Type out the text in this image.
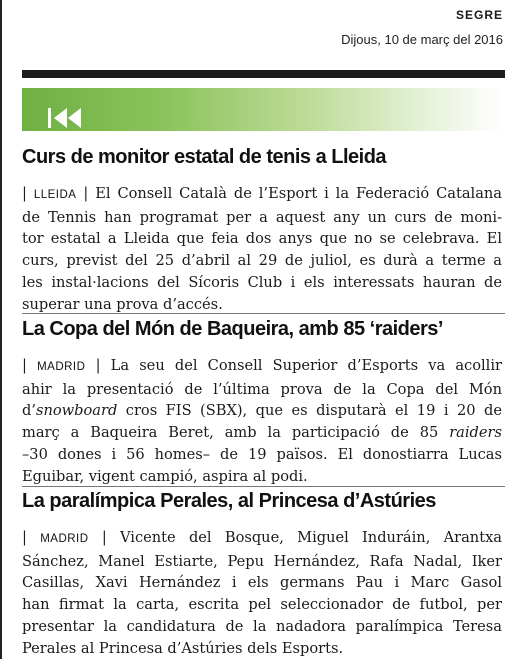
SEGRE
Dijous, 10 de març del 2016
Curs de monitor estatal de tenis a Lleida
| LLEIDA | El Consell Català de l’Esport i la Federació Catalana
de Tennis han programat per a aquest any un curs de moni-
tor estatal a Lleida que feia dos anys que no se celebrava. El
curs, previst del 25 d’abril al 29 de juliol, es durà a terme a
les instal·lacions del Sícoris Club i els interessats hauran de
superar una prova d’accés.
La Copa del Món de Baqueira, amb 85 ‘raiders’
| MADRID | La seu del Consell Superior d’Esports va acollir
ahir la presentació de l’última prova de la Copa del Món
d’snowboard cros FIS (SBX), que es disputarà el 19 i 20 de
març a Baqueira Beret, amb la participació de 85 raiders
–30 dones i 56 homes– de 19 països. El donostiarra Lucas
Eguibar, vigent campió, aspira al podi.
La paralímpica Perales, al Princesa d’Astúries
| MADRID | Vicente del Bosque, Miguel Induráin, Arantxa
Sánchez, Manel Estiarte, Pepu Hernández, Rafa Nadal, Iker
Casillas, Xavi Hernández i els germans Pau i Marc Gasol
han firmat la carta, escrita pel seleccionador de futbol, per
presentar la candidatura de la nadadora paralímpica Teresa
Perales al Princesa d’Astúries dels Esports.
